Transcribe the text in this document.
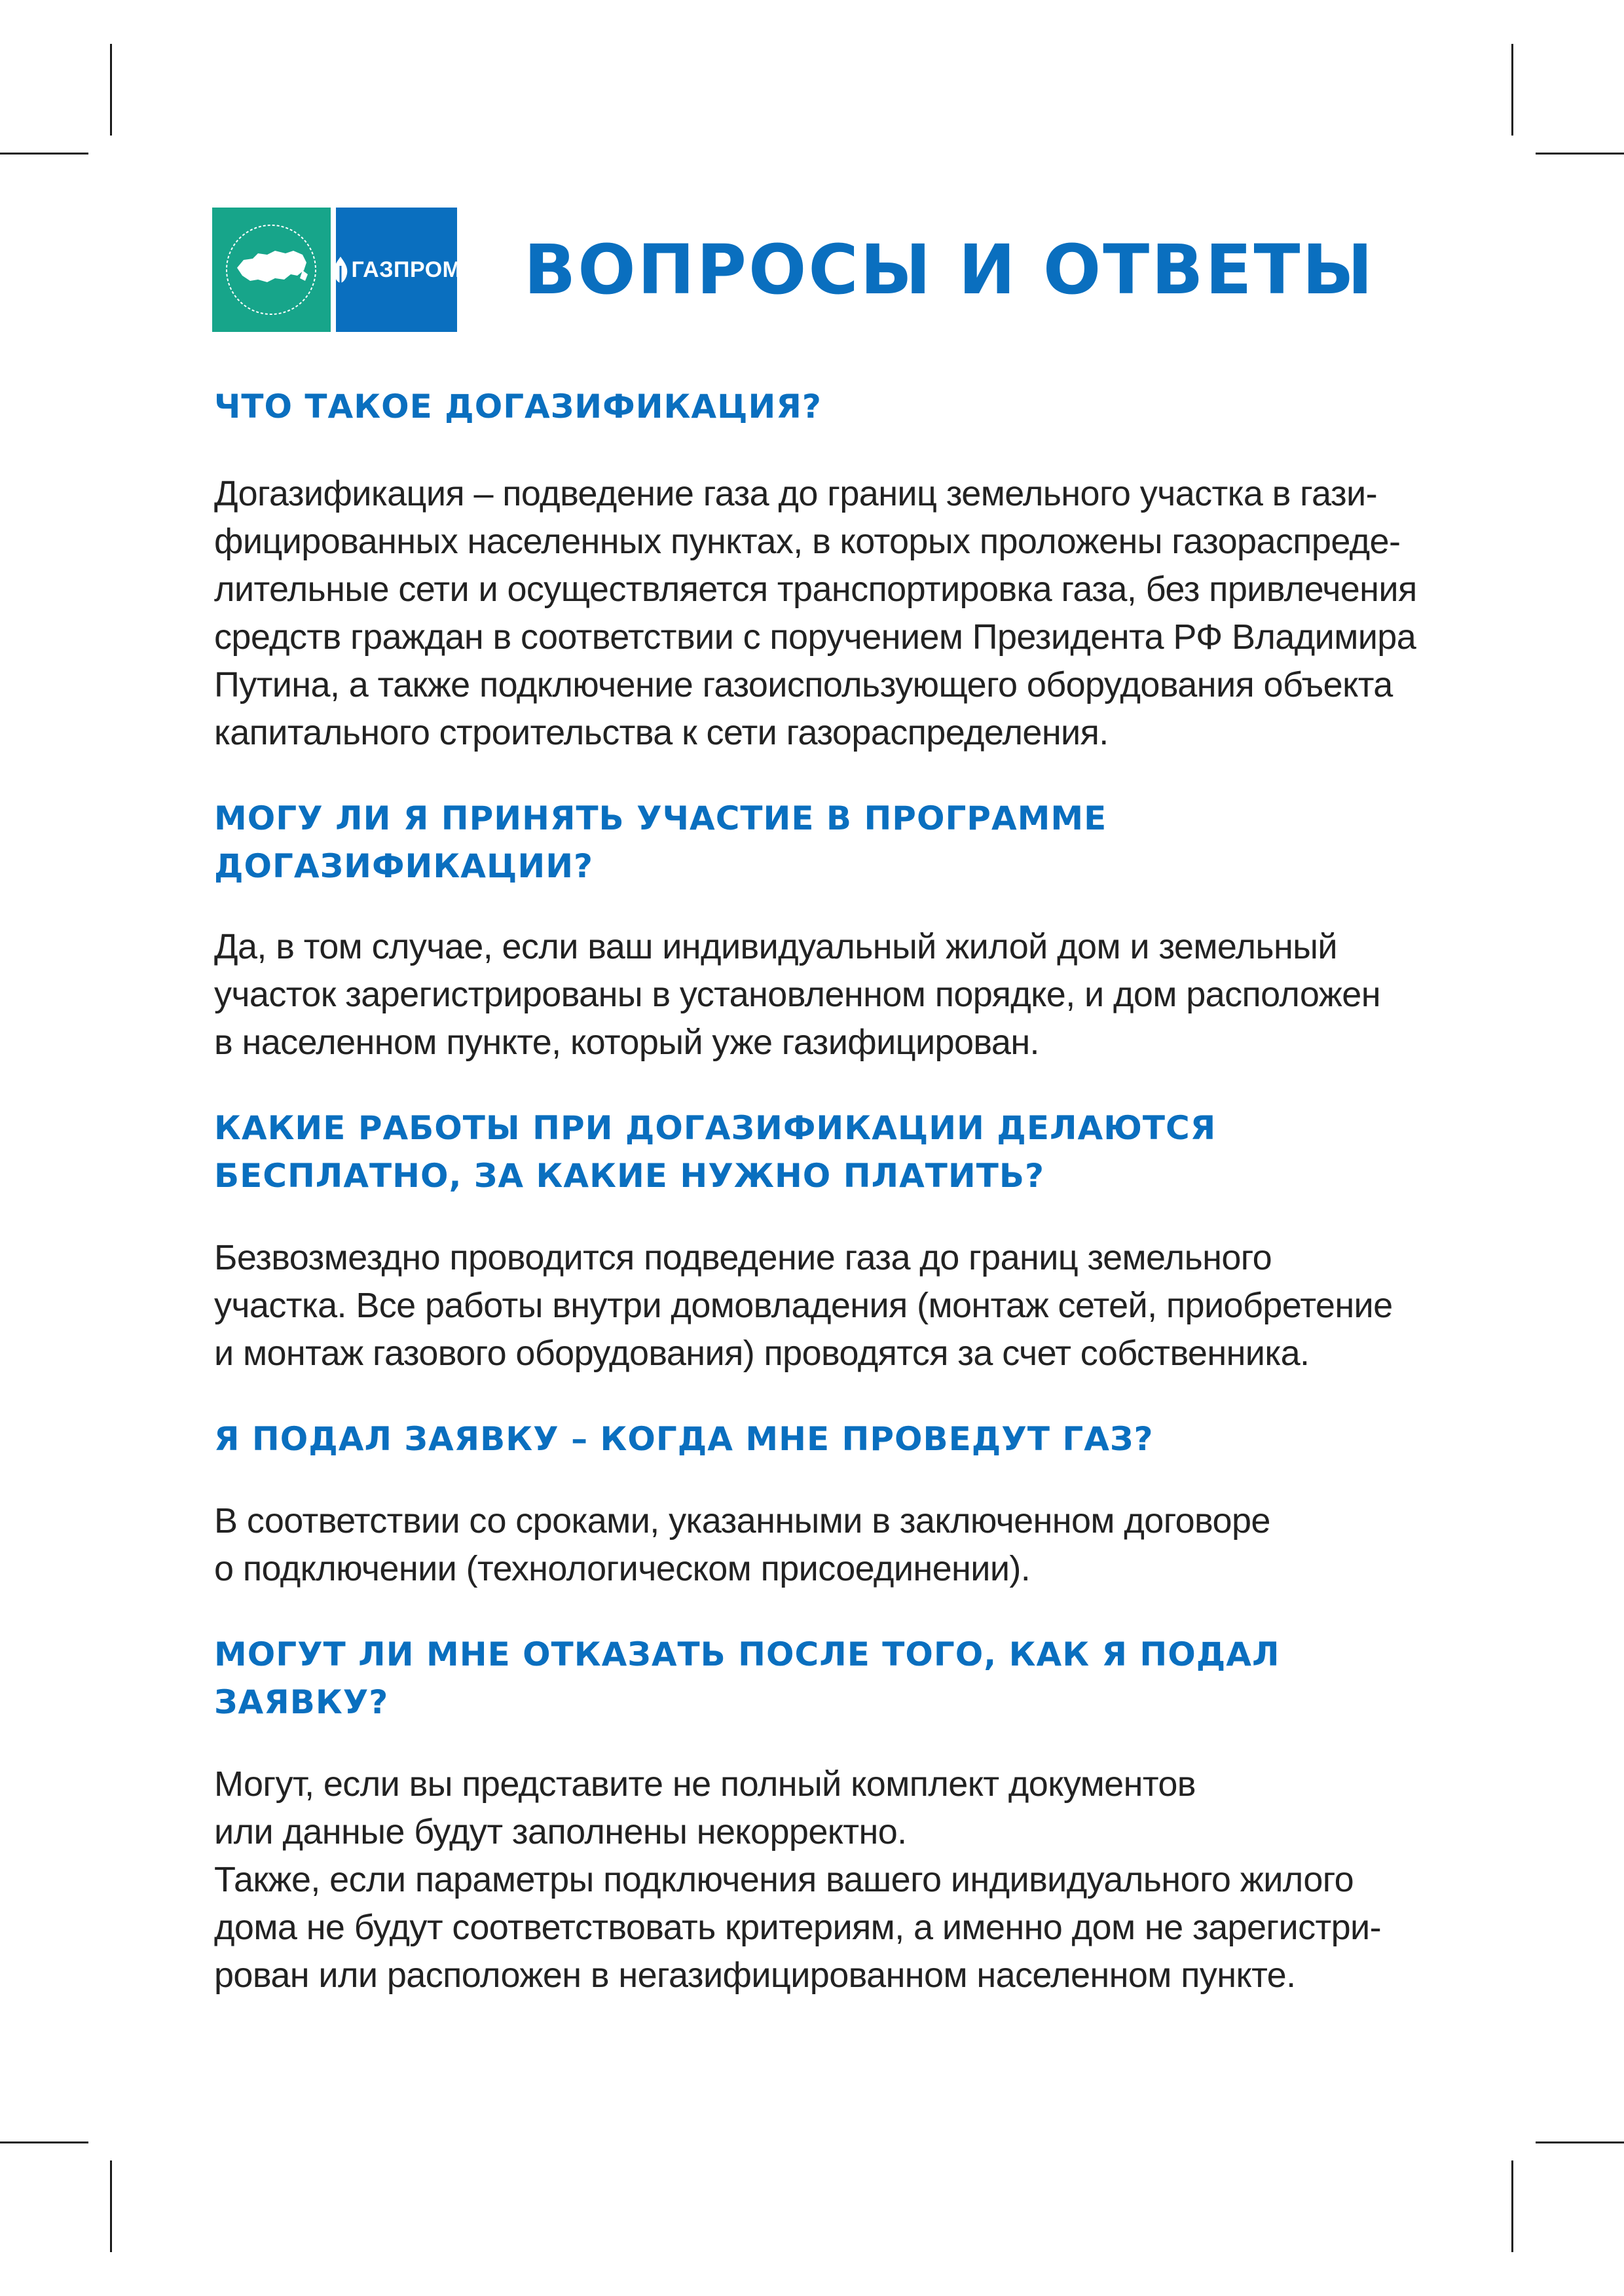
ГАЗПРОМ ВОПРОСЫ И ОТВЕТЫ
ЧТО ТАКОЕ ДОГАЗИФИКАЦИЯ?

Догазификация – подведение газа до границ земельного участка в гази-
фицированных населенных пунктах, в которых проложены газораспреде-
лительные сети и осуществляется транспортировка газа, без привлечения
средств граждан в соответствии с поручением Президента РФ Владимира
Путина, а также подключение газоиспользующего оборудования объекта
капитального строительства к сети газораспределения.

МОГУ ЛИ Я ПРИНЯТЬ УЧАСТИЕ В ПРОГРАММЕ
ДОГАЗИФИКАЦИИ?

Да, в том случае, если ваш индивидуальный жилой дом и земельный
участок зарегистрированы в установленном порядке, и дом расположен
в населенном пункте, который уже газифицирован.

КАКИЕ РАБОТЫ ПРИ ДОГАЗИФИКАЦИИ ДЕЛАЮТСЯ
БЕСПЛАТНО, ЗА КАКИЕ НУЖНО ПЛАТИТЬ?

Безвозмездно проводится подведение газа до границ земельного
участка. Все работы внутри домовладения (монтаж сетей, приобретение
и монтаж газового оборудования) проводятся за счет собственника.

Я ПОДАЛ ЗАЯВКУ – КОГДА МНЕ ПРОВЕДУТ ГАЗ?

В соответствии со сроками, указанными в заключенном договоре
о подключении (технологическом присоединении).

МОГУТ ЛИ МНЕ ОТКАЗАТЬ ПОСЛЕ ТОГО, КАК Я ПОДАЛ
ЗАЯВКУ?

Могут, если вы представите не полный комплект документов
или данные будут заполнены некорректно.
Также, если параметры подключения вашего индивидуального жилого
дома не будут соответствовать критериям, а именно дом не зарегистри-
рован или расположен в негазифицированном населенном пункте.
